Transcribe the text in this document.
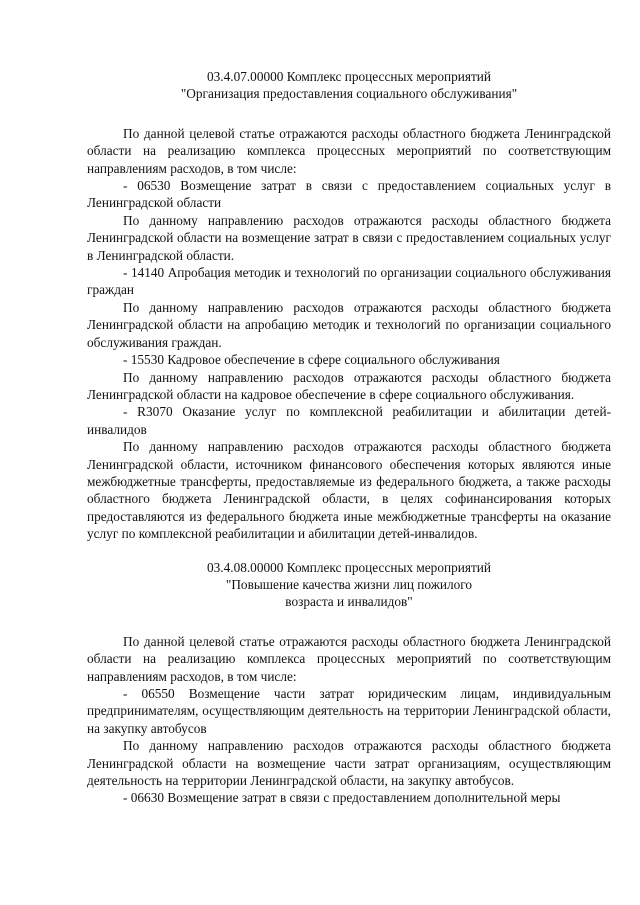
03.4.07.00000 Комплекс процессных мероприятий
"Организация предоставления социального обслуживания"

По данной целевой статье отражаются расходы областного бюджета Ленинградской области на реализацию комплекса процессных мероприятий по соответствующим направлениям расходов, в том числе:

- 06530 Возмещение затрат в связи с предоставлением социальных услуг в Ленинградской области

По данному направлению расходов отражаются расходы областного бюджета Ленинградской области на возмещение затрат в связи с предоставлением социальных услуг в Ленинградской области.

- 14140 Апробация методик и технологий по организации социального обслуживания граждан

По данному направлению расходов отражаются расходы областного бюджета Ленинградской области на апробацию методик и технологий по организации социального обслуживания граждан.

- 15530 Кадровое обеспечение в сфере социального обслуживания

По данному направлению расходов отражаются расходы областного бюджета Ленинградской области на кадровое обеспечение в сфере социального обслуживания.

- R3070 Оказание услуг по комплексной реабилитации и абилитации детей-инвалидов

По данному направлению расходов отражаются расходы областного бюджета Ленинградской области, источником финансового обеспечения которых являются иные межбюджетные трансферты, предоставляемые из федерального бюджета, а также расходы областного бюджета Ленинградской области, в целях софинансирования которых предоставляются из федерального бюджета иные межбюджетные трансферты на оказание услуг по комплексной реабилитации и абилитации детей-инвалидов.

03.4.08.00000 Комплекс процессных мероприятий
"Повышение качества жизни лиц пожилого
возраста и инвалидов"

По данной целевой статье отражаются расходы областного бюджета Ленинградской области на реализацию комплекса процессных мероприятий по соответствующим направлениям расходов, в том числе:

- 06550 Возмещение части затрат юридическим лицам, индивидуальным предпринимателям, осуществляющим деятельность на территории Ленинградской области, на закупку автобусов

По данному направлению расходов отражаются расходы областного бюджета Ленинградской области на возмещение части затрат организациям, осуществляющим деятельность на территории Ленинградской области, на закупку автобусов.

- 06630 Возмещение затрат в связи с предоставлением дополнительной меры
